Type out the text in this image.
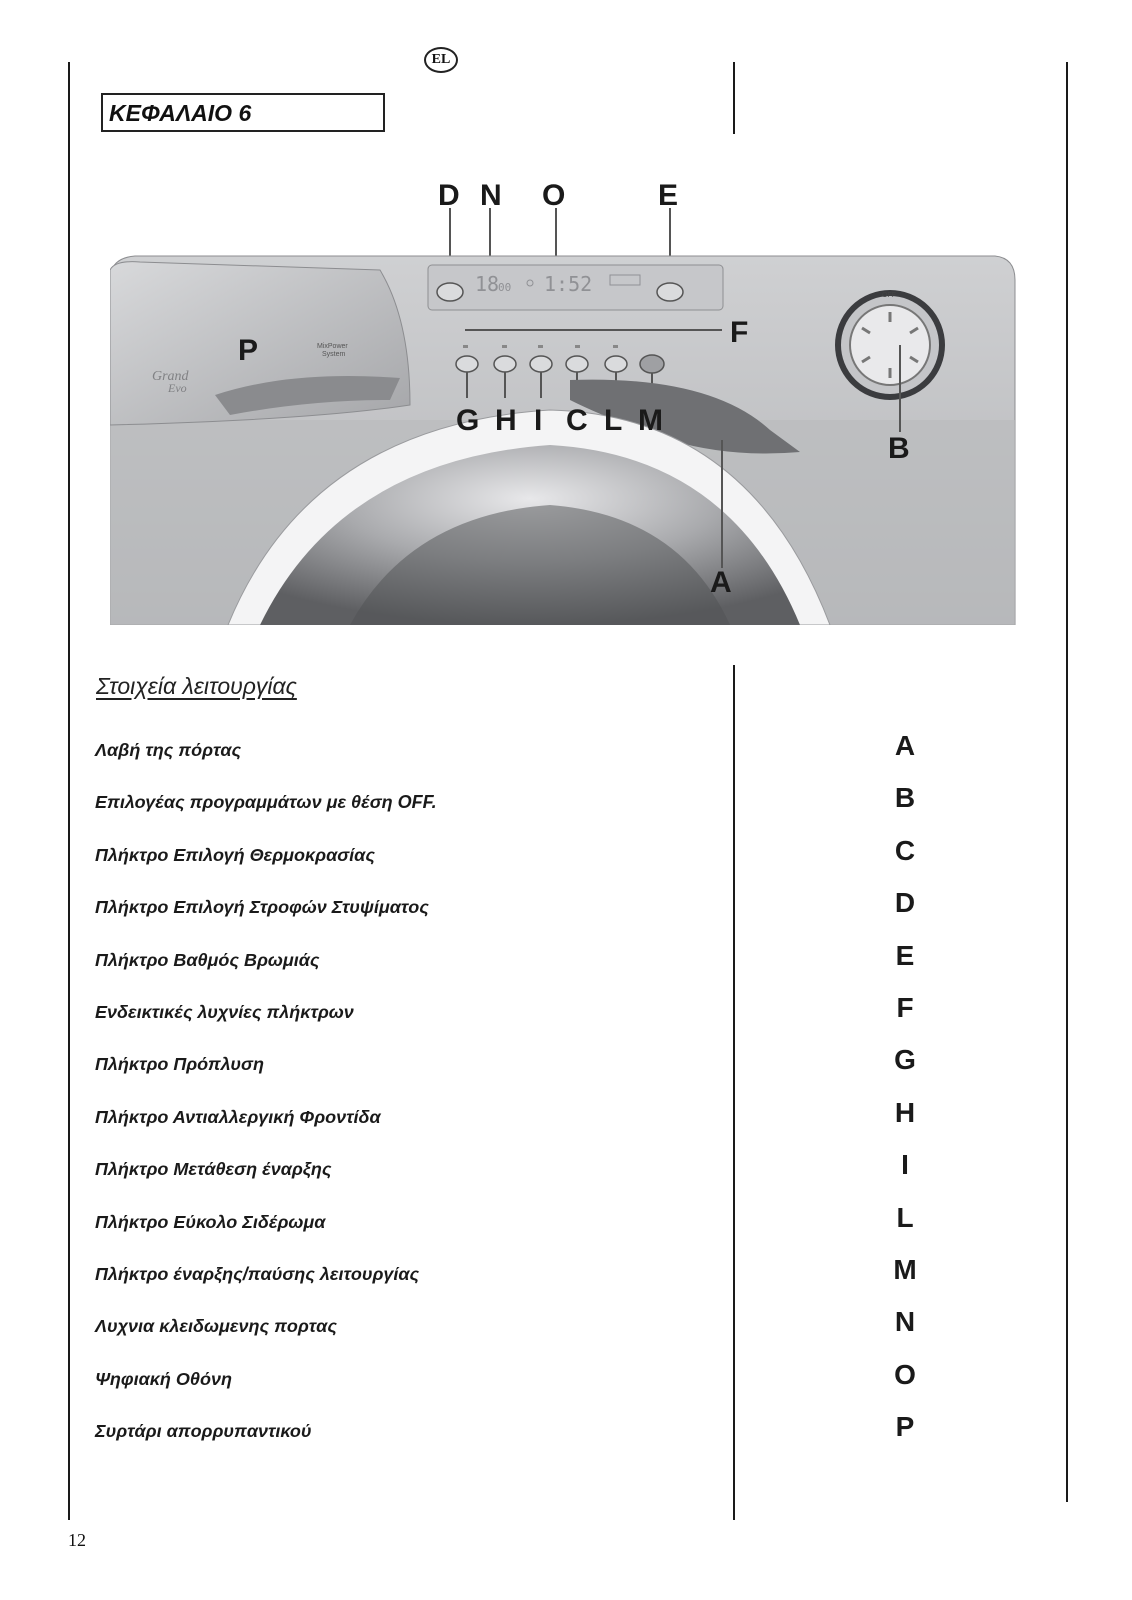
EL
ΚΕΦΑΛΑΙΟ 6
18
00 1:52	OFF
Grand
Evo
MixPower
System
D N O	E
F
P
G H I C L M
B
A
Στοιχεία λειτουργίας
Λαβή της πόρτας	A
Επιλογέας προγραμμάτων με θέση OFF.	B
Πλήκτρο Επιλογή Θερμοκρασίας	C
Πλήκτρο Επιλογή Στροφών Στυψίματος	D
Πλήκτρο Βαθμός Βρωμιάς	E
Ενδεικτικές λυχνίες πλήκτρων	F
Πλήκτρο Πρόπλυση	G
Πλήκτρο Αντιαλλεργική Φροντίδα	H
Πλήκτρο Μετάθεση έναρξης	I
Πλήκτρο Εύκολο Σιδέρωμα	L
Πλήκτρο έναρξης/παύσης λειτουργίας	M
Λυχνια κλειδωμενης πορτας	N
Ψηφιακή Οθόνη	O
Συρτάρι απορρυπαντικού	P
12
